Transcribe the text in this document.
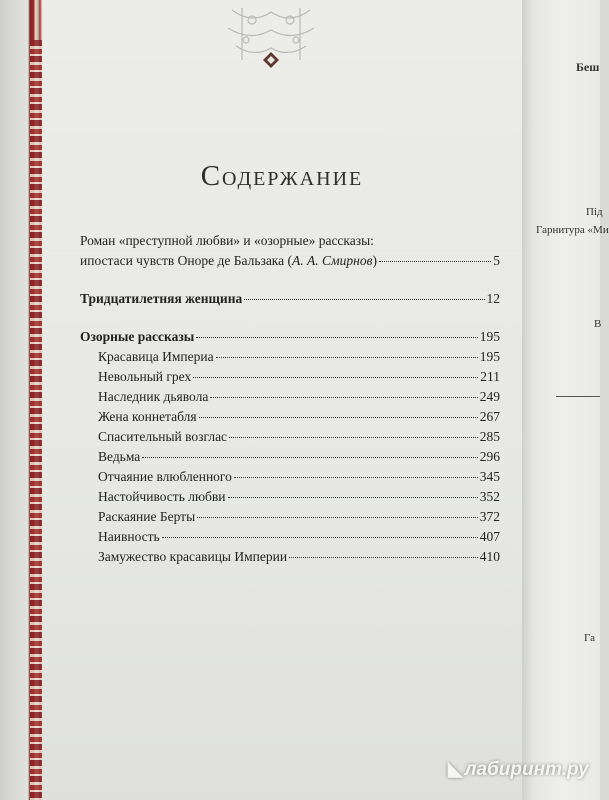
Содержание
Роман «преступной любви» и «озорные» рассказы:
ипостаси чувств Оноре де Бальзака (А. А. Смирнов)	5
Тридцатилетняя женщина	12
Озорные рассказы	195
Красавица Империа	195
Невольный грех	211
Наследник дьявола	249
Жена коннетабля	267
Спасительный возглас	285
Ведьма	296
Отчаяние влюбленного	345
Настойчивость любви	352
Раскаяние Берты	372
Наивность	407
Замужество красавицы Империи	410
Беш
Під
Гарнитура «Ми
В
Га
◣ лабиринт.ру
